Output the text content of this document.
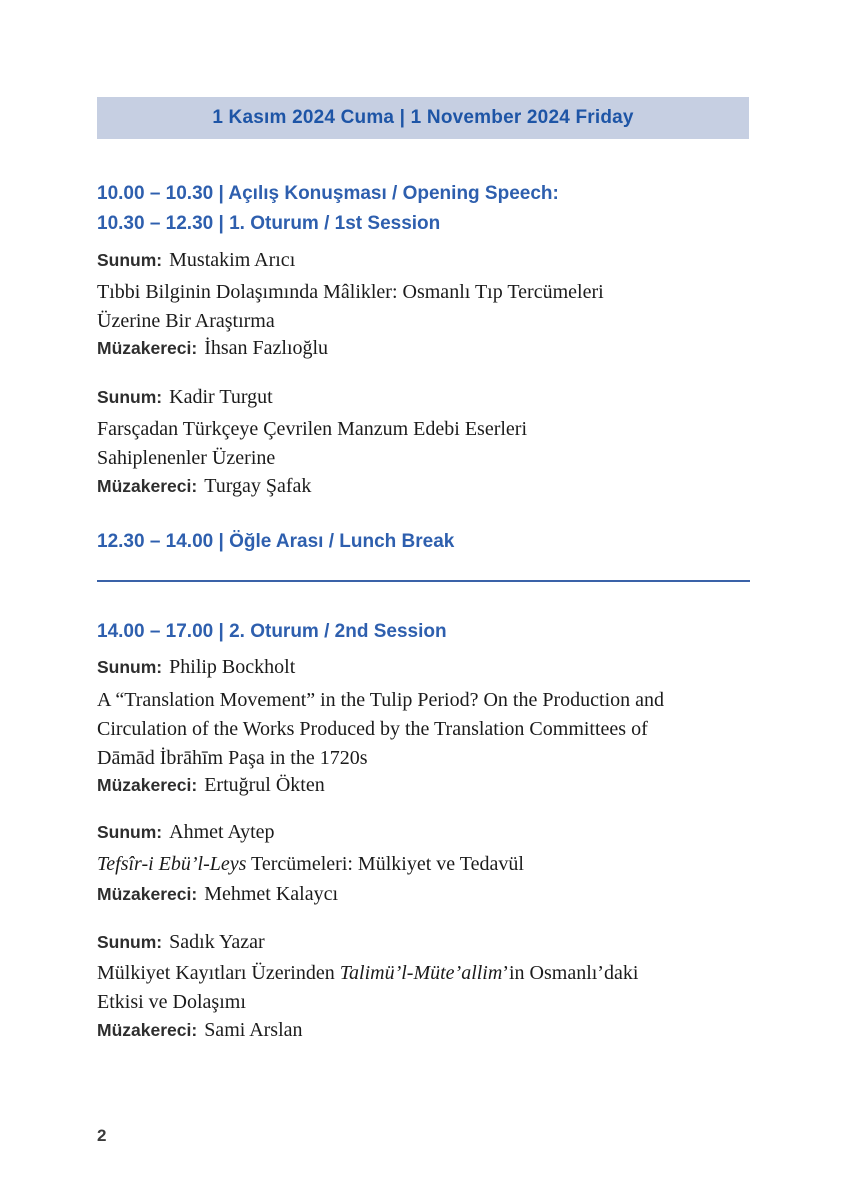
1 Kasım 2024 Cuma | 1 November 2024 Friday
10.00 – 10.30 | Açılış Konuşması / Opening Speech:
10.30 – 12.30 | 1. Oturum / 1st Session
Sunum: Mustakim Arıcı
Tıbbi Bilginin Dolaşımında Mâlikler: Osmanlı Tıp Tercümeleri
Üzerine Bir Araştırma
Müzakereci: İhsan Fazlıoğlu
Sunum: Kadir Turgut
Farsçadan Türkçeye Çevrilen Manzum Edebi Eserleri
Sahiplenenler Üzerine
Müzakereci: Turgay Şafak
12.30 – 14.00 | Öğle Arası / Lunch Break
14.00 – 17.00 | 2. Oturum / 2nd Session
Sunum: Philip Bockholt
A “Translation Movement” in the Tulip Period? On the Production and
Circulation of the Works Produced by the Translation Committees of
Dāmād İbrāhīm Paşa in the 1720s
Müzakereci: Ertuğrul Ökten
Sunum: Ahmet Aytep
Tefsîr-i Ebü’l-Leys Tercümeleri: Mülkiyet ve Tedavül
Müzakereci: Mehmet Kalaycı
Sunum: Sadık Yazar
Mülkiyet Kayıtları Üzerinden Talimü’l-Müte’allim’in Osmanlı’daki
Etkisi ve Dolaşımı
Müzakereci: Sami Arslan
2
